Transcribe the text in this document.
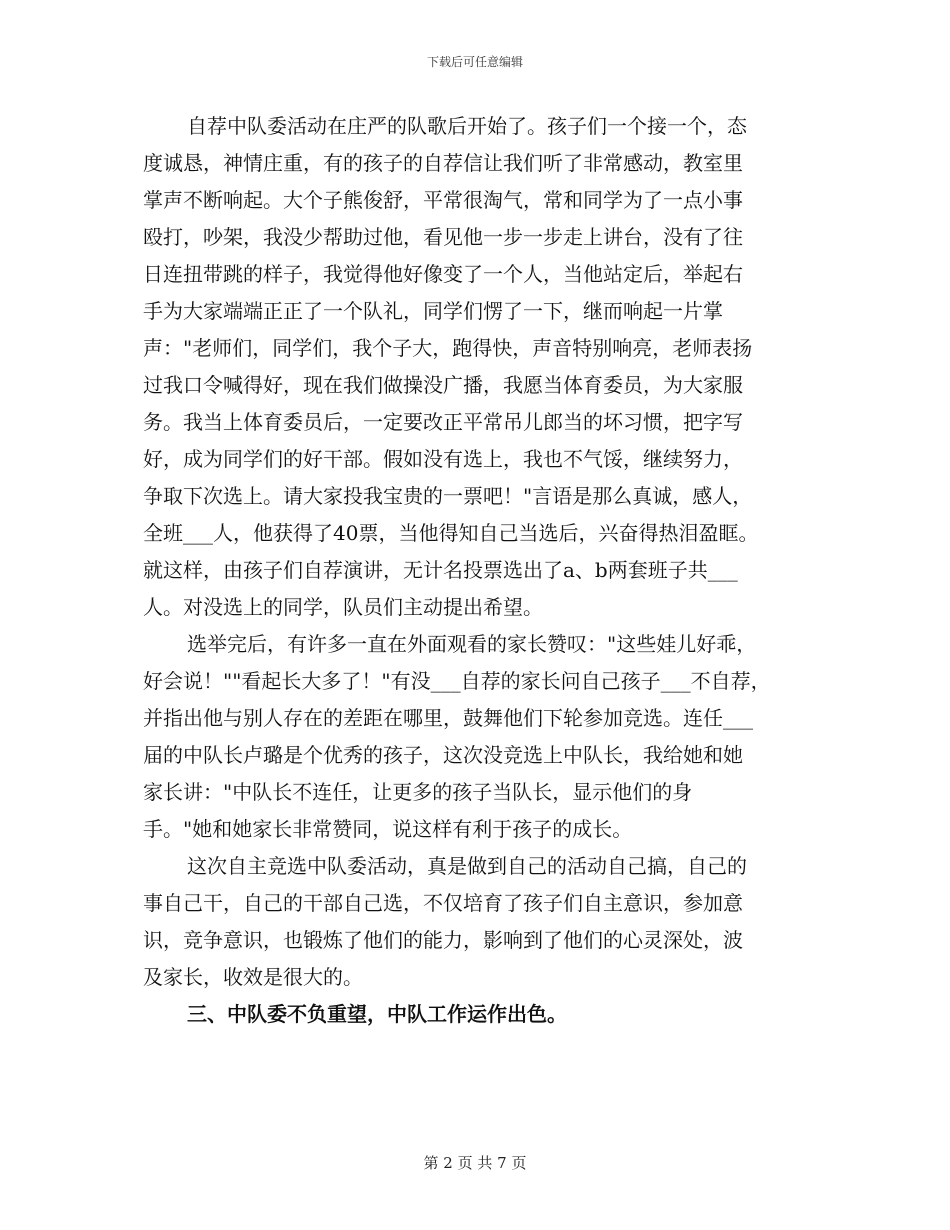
下载后可任意编辑
自荐中队委活动在庄严的队歌后开始了。孩子们一个接一个，态
度诚恳，神情庄重，有的孩子的自荐信让我们听了非常感动，教室里
掌声不断响起。大个子熊俊舒，平常很淘气，常和同学为了一点小事
殴打，吵架，我没少帮助过他，看见他一步一步走上讲台，没有了往
日连扭带跳的样子，我觉得他好像变了一个人，当他站定后，举起右
手为大家端端正正了一个队礼，同学们愣了一下，继而响起一片掌
声："老师们，同学们，我个子大，跑得快，声音特别响亮，老师表扬
过我口令喊得好，现在我们做操没广播，我愿当体育委员，为大家服
务。我当上体育委员后，一定要改正平常吊儿郎当的坏习惯，把字写
好，成为同学们的好干部。假如没有选上，我也不气馁，继续努力，
争取下次选上。请大家投我宝贵的一票吧！"言语是那么真诚，感人，
全班___人，他获得了40票，当他得知自己当选后，兴奋得热泪盈眶。
就这样，由孩子们自荐演讲，无计名投票选出了a、b两套班子共___
人。对没选上的同学，队员们主动提出希望。
选举完后，有许多一直在外面观看的家长赞叹："这些娃儿好乖，
好会说！""看起长大多了！"有没___自荐的家长问自己孩子___不自荐，
并指出他与别人存在的差距在哪里，鼓舞他们下轮参加竞选。连任___
届的中队长卢璐是个优秀的孩子，这次没竞选上中队长，我给她和她
家长讲："中队长不连任，让更多的孩子当队长，显示他们的身
手。"她和她家长非常赞同，说这样有利于孩子的成长。
这次自主竞选中队委活动，真是做到自己的活动自己搞，自己的
事自己干，自己的干部自己选，不仅培育了孩子们自主意识，参加意
识，竞争意识，也锻炼了他们的能力，影响到了他们的心灵深处，波
及家长，收效是很大的。
三、中队委不负重望，中队工作运作出色。
第 2 页 共 7 页
